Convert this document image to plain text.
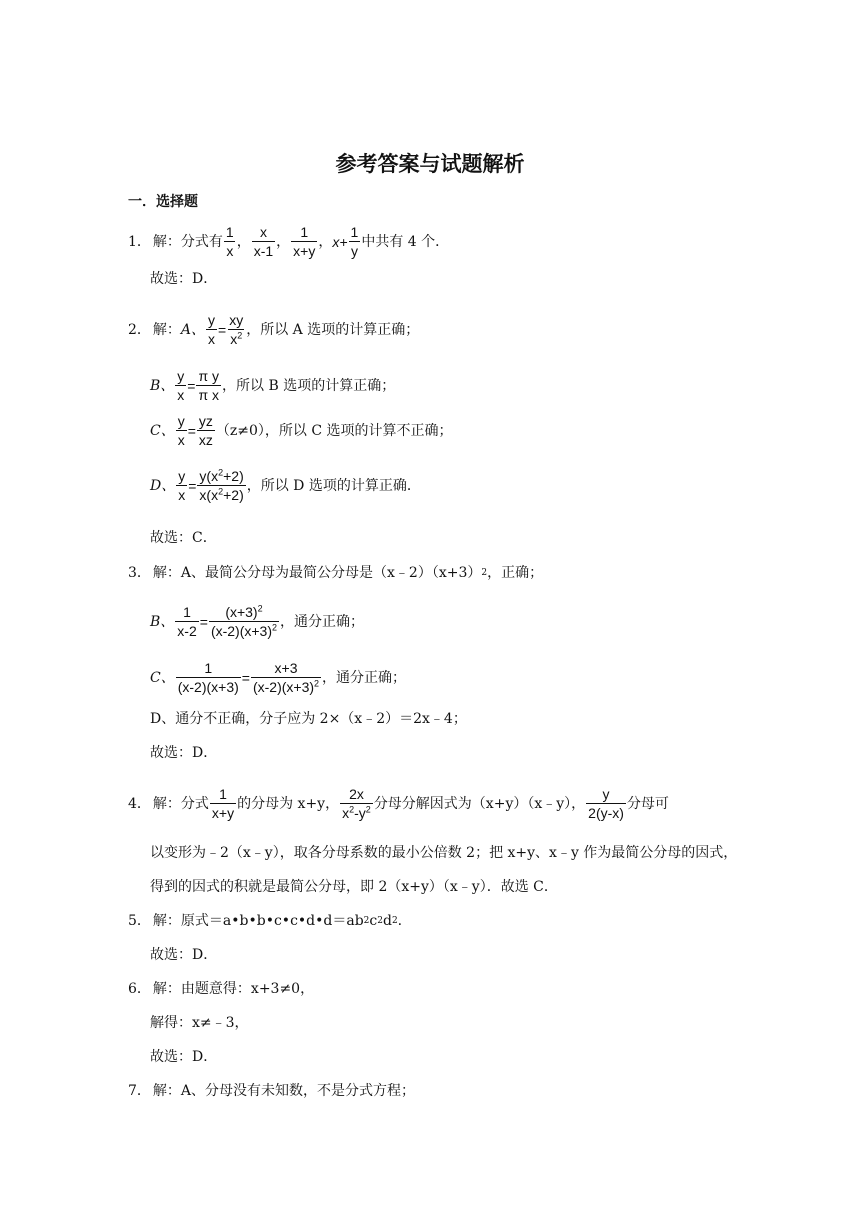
参考答案与试题解析
一．选择题
1． 解：分式有 $\frac{1}{x}$ ， $\frac{x}{x-1}$ ， $\frac{1}{x+y}$ ， $x+ \frac{1}{y}$ 中共有 4 个．
故选：D．
2． 解： A、 $\frac{y}{x} = \frac{xy}{x^2}$ ，所以 A 选项的计算正确；
B、 $\frac{y}{x} = \frac{\text{π y}}{\text{π x}}$ ，所以 B 选项的计算正确；
C、 $\frac{y}{x} = \frac{yz}{xz} (z\ne 0)$，所以 C 选项的计算不正确；
D、 $\frac{y}{x} = \frac{y(x^2+2)}{x(x^2+2)}$ ，所以 D 选项的计算正确．
故选：C．
3． 解：A、最简公分母为最简公分母是（x﹣2）（x+3） 2 ，正确；
B、 $\frac{1}{x-2} = \frac{(x+3)^2}{(x-2)(x+3)^2}$ ，通分正确；
C、 $\frac{1}{(x-2)(x+3)} = \frac{x+3}{(x-2)(x+3)^2}$ ，通分正确；
D、通分不正确，分子应为 2×（x﹣2）＝2x﹣4；
故选：D．
4． 解：分式 $\frac{1}{x+y}$ 的分母为 x+y， $\frac{2x}{x^2-y^2}$ 分母分解因式为（x+y）（x﹣y）， $\frac{y}{2(y-x)}$ 分母可
以变形为﹣2（x﹣y），取各分母系数的最小公倍数 2；把 x+y、x﹣y 作为最简公分母的因式，得到的因式的积就是最简公分母，即 2（x+y）（x﹣y）．故选 C．
5． 解：原式＝a•b•b•c•c•d•d＝ab 2 c 2 d 2 .
故选：D．
6． 解：由题意得：x+3≠0，
解得：x≠﹣3，
故选：D．
7． 解：A、分母没有未知数，不是分式方程；
